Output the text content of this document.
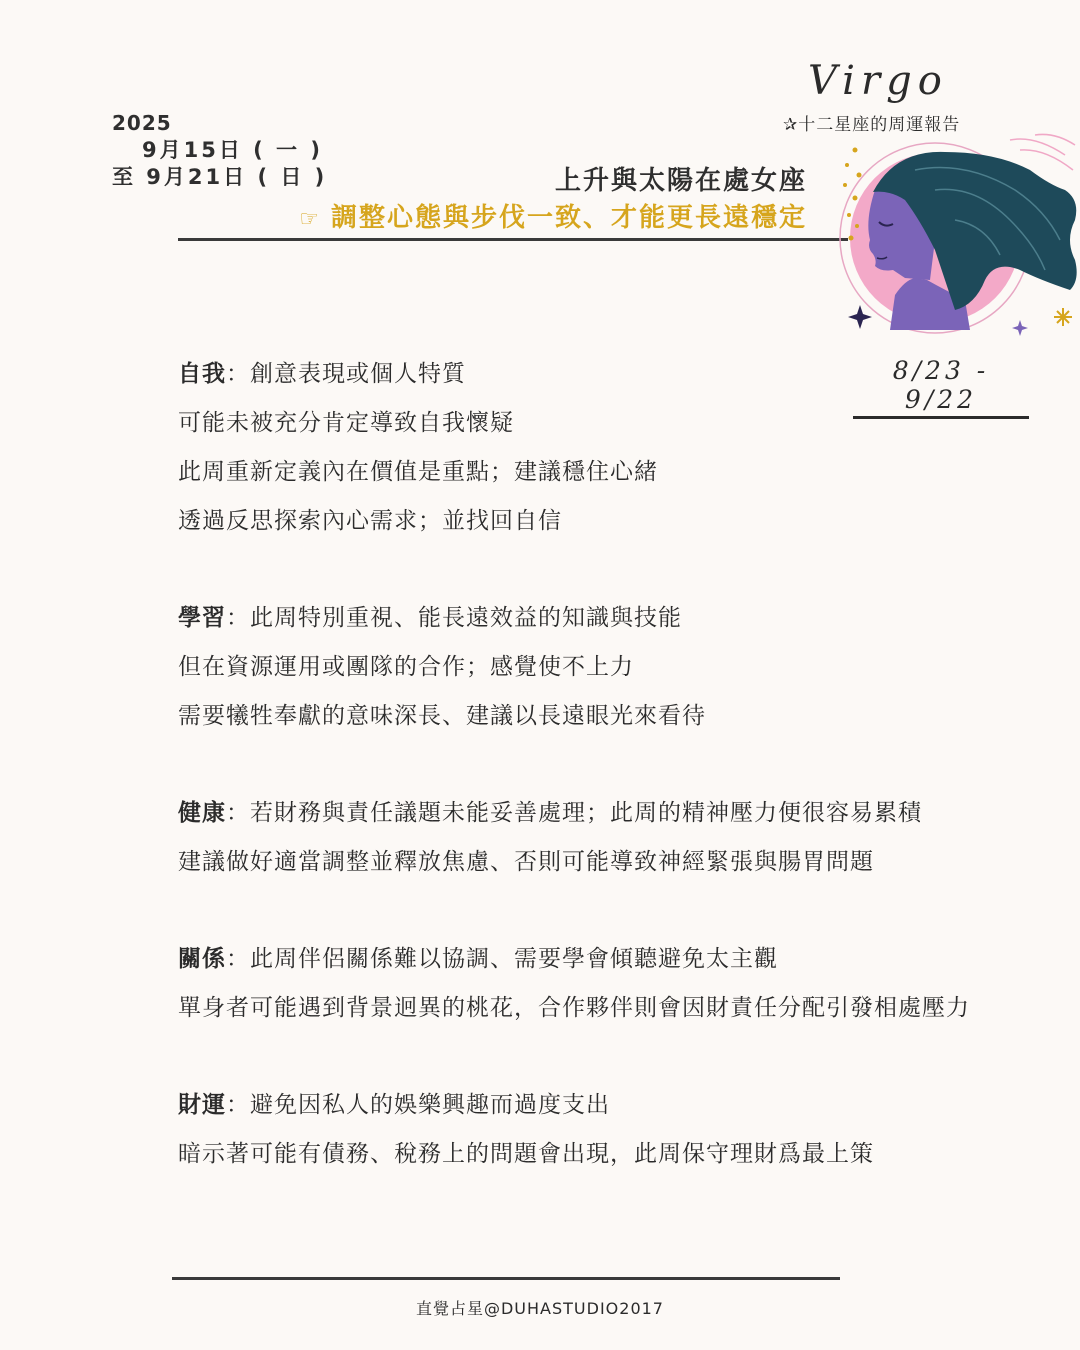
2025
9月15日 ( 一 )
至 9月21日 ( 日 )	上升與太陽在處女座
☞ 調整心態與步伐一致、才能更長遠穩定
Virgo
✰十二星座的周運報告
8/23 - 9/22
自我：創意表現或個人特質
可能未被充分肯定導致自我懷疑
此周重新定義內在價值是重點；建議穩住心緒
透過反思探索內心需求；並找回自信
學習：此周特別重視、能長遠效益的知識與技能
但在資源運用或團隊的合作；感覺使不上力
需要犧牲奉獻的意味深長、建議以長遠眼光來看待
健康：若財務與責任議題未能妥善處理；此周的精神壓力便很容易累積
建議做好適當調整並釋放焦慮、否則可能導致神經緊張與腸胃問題
關係：此周伴侶關係難以協調、需要學會傾聽避免太主觀
單身者可能遇到背景迥異的桃花，合作夥伴則會因財責任分配引發相處壓力
財運：避免因私人的娛樂興趣而過度支出
暗示著可能有債務、稅務上的問題會出現，此周保守理財爲最上策
直覺占星@DUHASTUDIO2017
